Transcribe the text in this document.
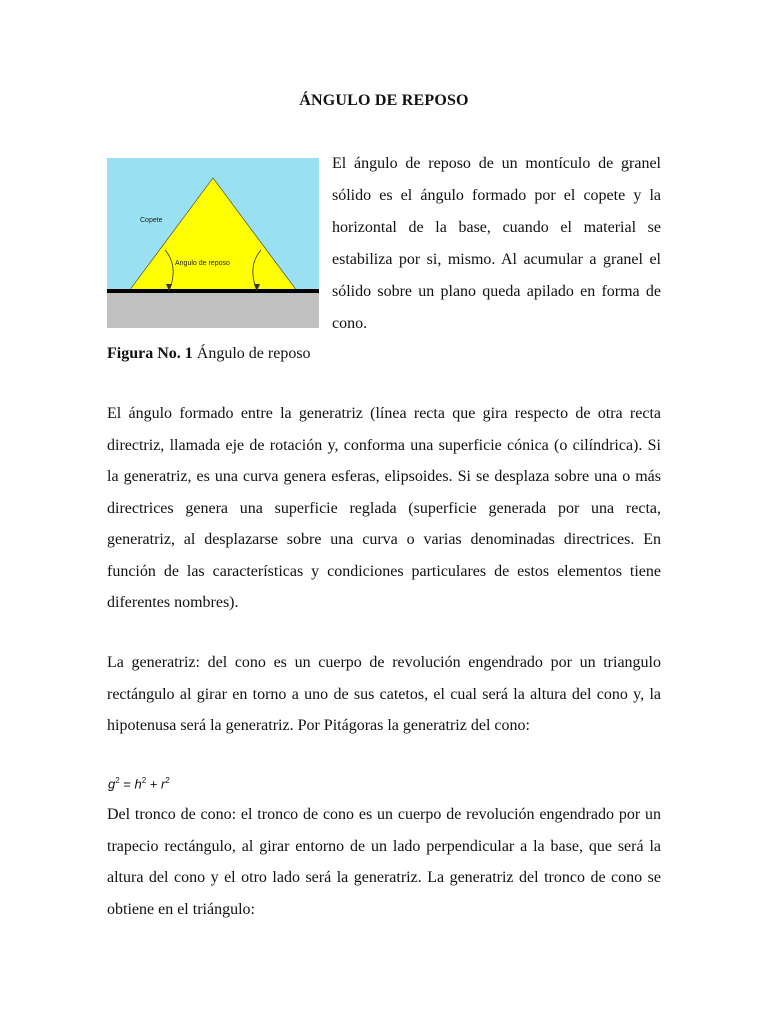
ÁNGULO DE REPOSO
Copete
Angulo de reposo
El ángulo de reposo de un montículo de granel sólido es el ángulo formado por el copete y la horizontal de la base, cuando el material se estabiliza por si, mismo. Al acumular a granel el sólido sobre un plano queda apilado en forma de cono.
Figura No. 1 Ángulo de reposo
El ángulo formado entre la generatriz (línea recta que gira respecto de otra recta directriz, llamada eje de rotación y, conforma una superficie cónica (o cilíndrica). Si la generatriz, es una curva genera esferas, elipsoides. Si se desplaza sobre una o más directrices genera una superficie reglada (superficie generada por una recta, generatriz, al desplazarse sobre una curva o varias denominadas directrices. En función de las características y condiciones particulares de estos elementos tiene diferentes nombres).
La generatriz: del cono es un cuerpo de revolución engendrado por un triangulo rectángulo al girar en torno a uno de sus catetos, el cual será la altura del cono y, la hipotenusa será la generatriz. Por Pitágoras la generatriz del cono:
$g^2 = h^2 + r^2$
Del tronco de cono: el tronco de cono es un cuerpo de revolución engendrado por un trapecio rectángulo, al girar entorno de un lado perpendicular a la base, que será la altura del cono y el otro lado será la generatriz. La generatriz del tronco de cono se obtiene en el triángulo:
